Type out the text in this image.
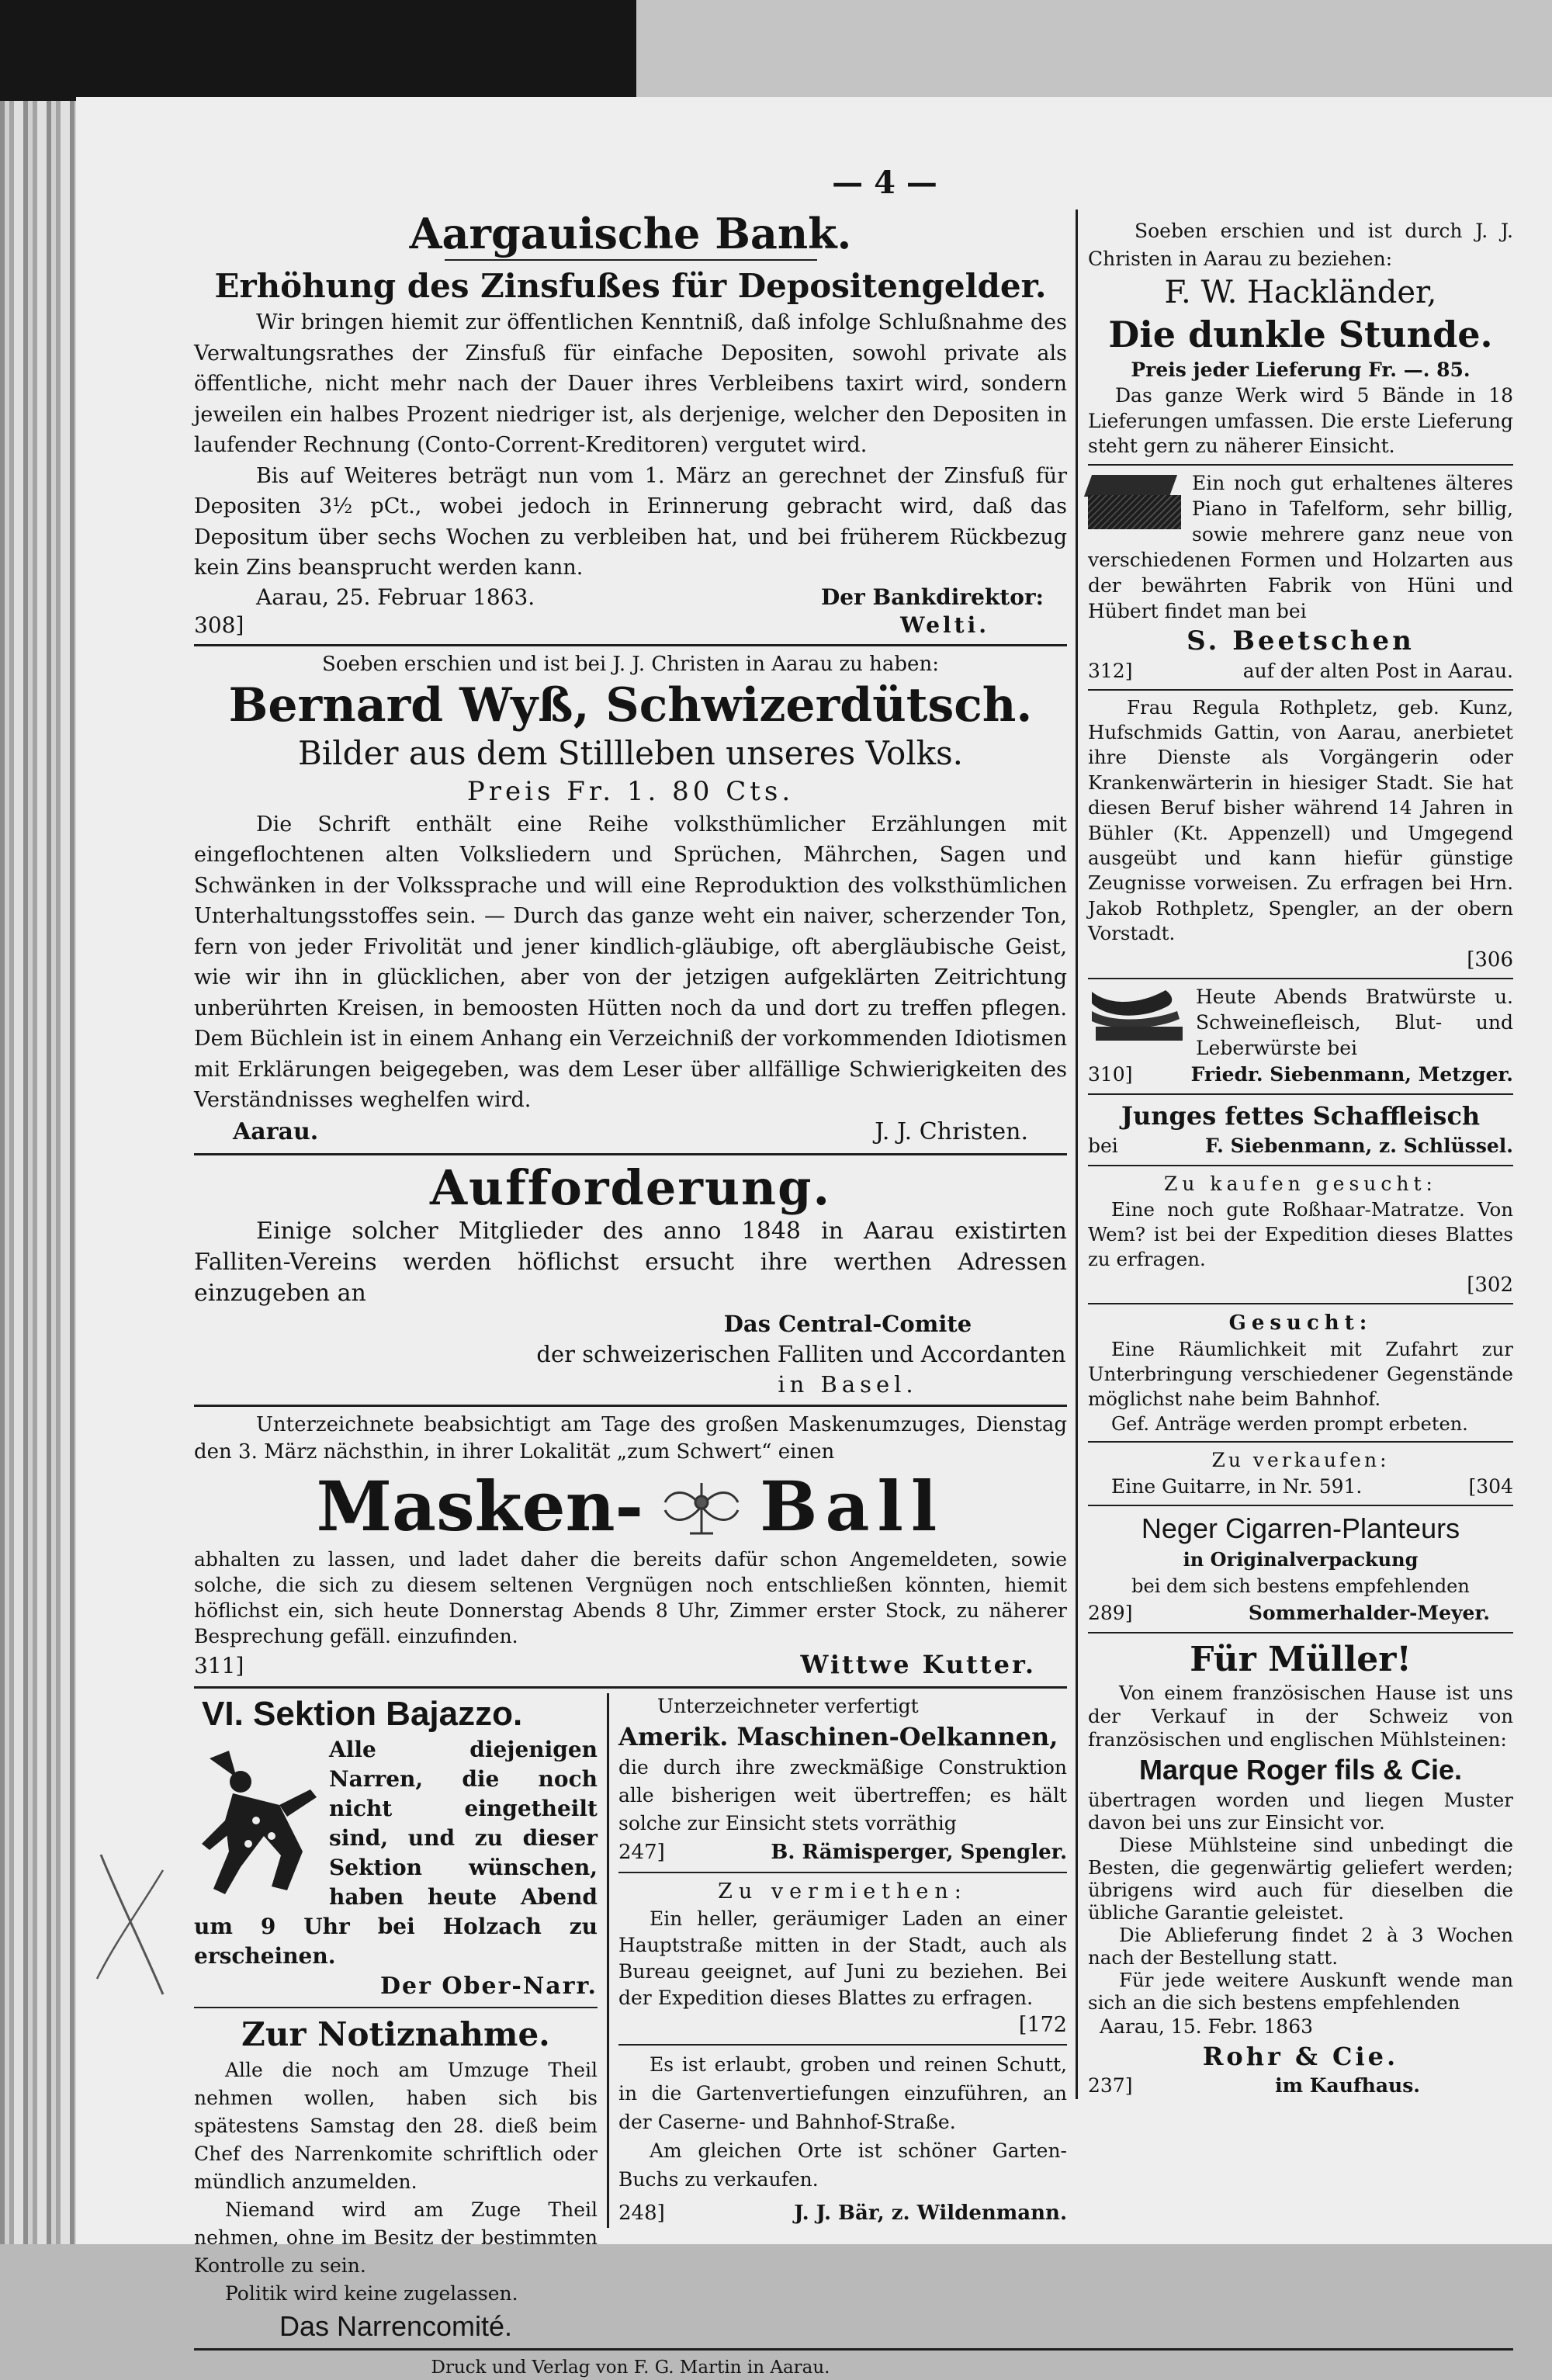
— 4 —
Aargauische Bank.
Erhöhung des Zinsfußes für Depositengelder.
Wir bringen hiemit zur öffentlichen Kenntniß, daß infolge Schlußnahme des Verwaltungsrathes der Zinsfuß für einfache Depositen, sowohl private als öffentliche, nicht mehr nach der Dauer ihres Verbleibens taxirt wird, sondern jeweilen ein halbes Prozent niedriger ist, als derjenige, welcher den Depositen in laufender Rechnung (Conto-Corrent-Kreditoren) vergutet wird.
Bis auf Weiteres beträgt nun vom 1. März an gerechnet der Zinsfuß für Depositen 3½ pCt., wobei jedoch in Erinnerung gebracht wird, daß das Depositum über sechs Wochen zu verbleiben hat, und bei früherem Rückbezug kein Zins beansprucht werden kann.
Aarau, 25. Februar 1863.	Der Bankdirektor:
308]	Welti.
Soeben erschien und ist bei J. J. Christen in Aarau zu haben:
Bernard Wyß, Schwizerdütsch.
Bilder aus dem Stillleben unseres Volks.
Preis Fr. 1. 80 Cts.
Die Schrift enthält eine Reihe volksthümlicher Erzählungen mit eingeflochtenen alten Volksliedern und Sprüchen, Mährchen, Sagen und Schwänken in der Volkssprache und will eine Reproduktion des volksthümlichen Unterhaltungsstoffes sein. — Durch das ganze weht ein naiver, scherzender Ton, fern von jeder Frivolität und jener kindlich-gläubige, oft abergläubische Geist, wie wir ihn in glücklichen, aber von der jetzigen aufgeklärten Zeitrichtung unberührten Kreisen, in bemoosten Hütten noch da und dort zu treffen pflegen. Dem Büchlein ist in einem Anhang ein Verzeichniß der vorkommenden Idiotismen mit Erklärungen beigegeben, was dem Leser über allfällige Schwierigkeiten des Verständnisses weghelfen wird.
Aarau.	J. J. Christen.
Aufforderung.
Einige solcher Mitglieder des anno 1848 in Aarau existirten Falliten-Vereins werden höflichst ersucht ihre werthen Adressen einzugeben an
Das Central-Comite
der schweizerischen Falliten und Accordanten
in Basel.
Unterzeichnete beabsichtigt am Tage des großen Maskenumzuges, Dienstag den 3. März nächsthin, in ihrer Lokalität „zum Schwert“ einen
Masken- Ball
abhalten zu lassen, und ladet daher die bereits dafür schon Angemeldeten, sowie solche, die sich zu diesem seltenen Vergnügen noch entschließen könnten, hiemit höflichst ein, sich heute Donnerstag Abends 8 Uhr, Zimmer erster Stock, zu näherer Besprechung gefäll. einzufinden.
311]	Wittwe Kutter.
VI. Sektion Bajazzo.
Alle diejenigen Narren, die noch nicht eingetheilt sind, und zu dieser Sektion wünschen, haben heute Abend um 9 Uhr bei Holzach zu erscheinen.
Der Ober-Narr.
Zur Notiznahme.
Alle die noch am Umzuge Theil nehmen wollen, haben sich bis spätestens Samstag den 28. dieß beim Chef des Narrenkomite schriftlich oder mündlich anzumelden.
Niemand wird am Zuge Theil nehmen, ohne im Besitz der bestimmten Kontrolle zu sein.
Politik wird keine zugelassen.
Das Narrencomité.
Unterzeichneter verfertigt
Amerik. Maschinen-Oelkannen,
die durch ihre zweckmäßige Construktion alle bisherigen weit übertreffen; es hält solche zur Einsicht stets vorräthig
247]	B. Rämisperger, Spengler.
Zu vermiethen:
Ein heller, geräumiger Laden an einer Hauptstraße mitten in der Stadt, auch als Bureau geeignet, auf Juni zu beziehen. Bei der Expedition dieses Blattes zu erfragen.
[172
Es ist erlaubt, groben und reinen Schutt, in die Gartenvertiefungen einzuführen, an der Caserne- und Bahnhof-Straße.
Am gleichen Orte ist schöner Garten-Buchs zu verkaufen.
248]	J. J. Bär, z. Wildenmann.
Soeben erschien und ist durch J. J. Christen in Aarau zu beziehen:
F. W. Hackländer,
Die dunkle Stunde.
Preis jeder Lieferung Fr. —. 85.
Das ganze Werk wird 5 Bände in 18 Lieferungen umfassen. Die erste Lieferung steht gern zu näherer Einsicht.
Ein noch gut erhaltenes älteres Piano in Tafelform, sehr billig, sowie mehrere ganz neue von verschiedenen Formen und Holzarten aus der bewährten Fabrik von Hüni und Hübert findet man bei
S. Beetschen
312]	auf der alten Post in Aarau.
Frau Regula Rothpletz, geb. Kunz, Hufschmids Gattin, von Aarau, anerbietet ihre Dienste als Vorgängerin oder Krankenwärterin in hiesiger Stadt. Sie hat diesen Beruf bisher während 14 Jahren in Bühler (Kt. Appenzell) und Umgegend ausgeübt und kann hiefür günstige Zeugnisse vorweisen. Zu erfragen bei Hrn. Jakob Rothpletz, Spengler, an der obern Vorstadt.
[306
Heute Abends Bratwürste u. Schweinefleisch, Blut- und Leberwürste bei
310]	Friedr. Siebenmann, Metzger.
Junges fettes Schaffleisch
bei	F. Siebenmann, z. Schlüssel.
Zu kaufen gesucht:
Eine noch gute Roßhaar-Matratze. Von Wem? ist bei der Expedition dieses Blattes zu erfragen.
[302
Gesucht:
Eine Räumlichkeit mit Zufahrt zur Unterbringung verschiedener Gegenstände möglichst nahe beim Bahnhof.
Gef. Anträge werden prompt erbeten.
Zu verkaufen:
Eine Guitarre, in Nr. 591.	[304
Neger Cigarren-Planteurs
in Originalverpackung
bei dem sich bestens empfehlenden
289]	Sommerhalder-Meyer.
Für Müller!
Von einem französischen Hause ist uns der Verkauf in der Schweiz von französischen und englischen Mühlsteinen:
Marque Roger fils & Cie.
übertragen worden und liegen Muster davon bei uns zur Einsicht vor.
Diese Mühlsteine sind unbedingt die Besten, die gegenwärtig geliefert werden; übrigens wird auch für dieselben die übliche Garantie geleistet.
Die Ablieferung findet 2 à 3 Wochen nach der Bestellung statt.
Für jede weitere Auskunft wende man sich an die sich bestens empfehlenden
Aarau, 15. Febr. 1863
Rohr & Cie.
237]	im Kaufhaus.
Druck und Verlag von F. G. Martin in Aarau.
